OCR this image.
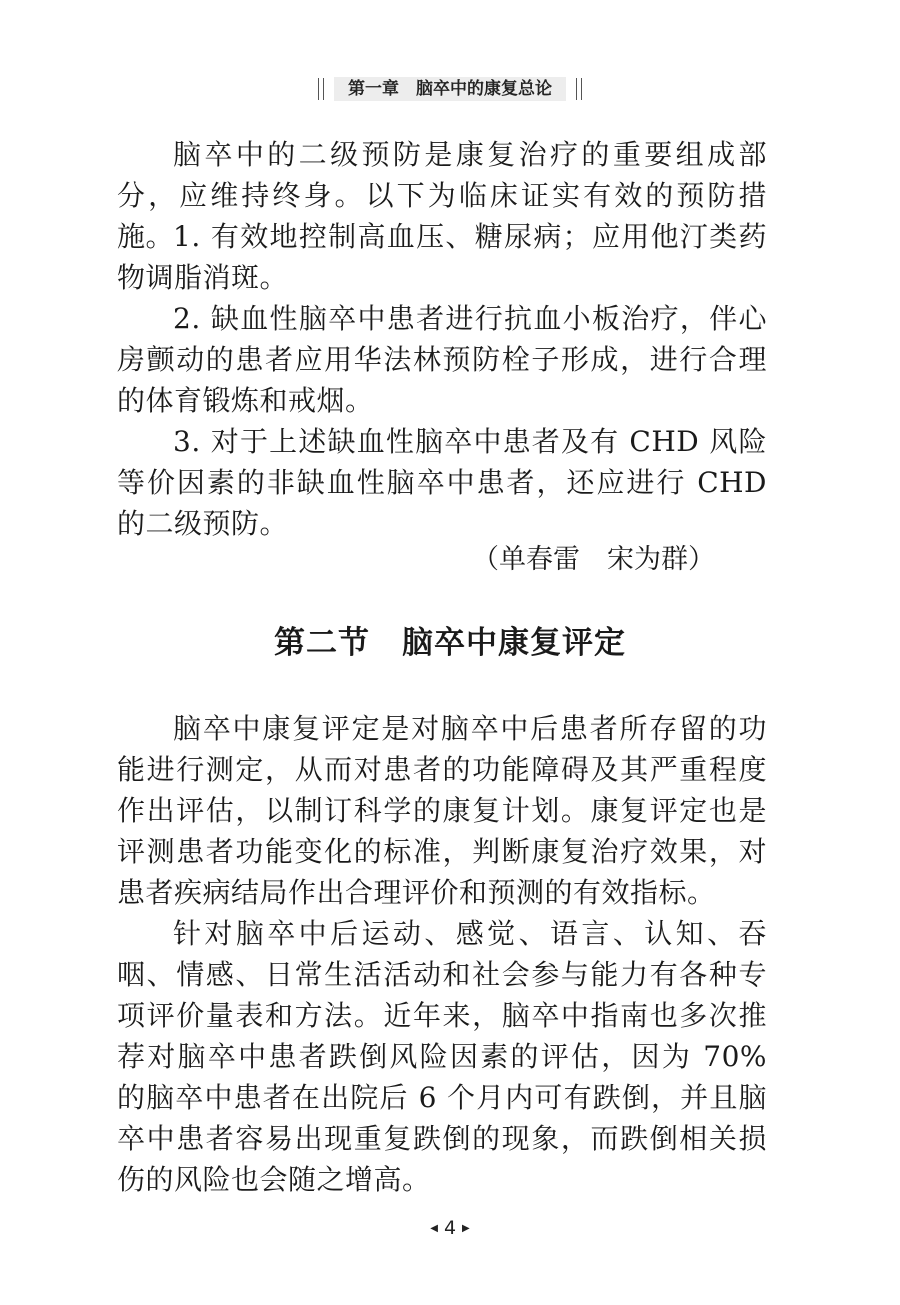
第一章　脑卒中的康复总论

脑卒中的二级预防是康复治疗的重要组成部分，应维持终身。以下为临床证实有效的预防措施。

1. 有效地控制高血压、糖尿病；应用他汀类药物调脂消斑。

2. 缺血性脑卒中患者进行抗血小板治疗，伴心房颤动的患者应用华法林预防栓子形成，进行合理的体育锻炼和戒烟。

3. 对于上述缺血性脑卒中患者及有 CHD 风险等价因素的非缺血性脑卒中患者，还应进行 CHD 的二级预防。

（单春雷　宋为群）

第二节　脑卒中康复评定

脑卒中康复评定是对脑卒中后患者所存留的功能进行测定，从而对患者的功能障碍及其严重程度作出评估，以制订科学的康复计划。康复评定也是评测患者功能变化的标准，判断康复治疗效果，对患者疾病结局作出合理评价和预测的有效指标。

针对脑卒中后运动、感觉、语言、认知、吞咽、情感、日常生活活动和社会参与能力有各种专项评价量表和方法。近年来，脑卒中指南也多次推荐对脑卒中患者跌倒风险因素的评估，因为 70% 的脑卒中患者在出院后 6 个月内可有跌倒，并且脑卒中患者容易出现重复跌倒的现象，而跌倒相关损伤的风险也会随之增高。

◀ 4 ▶
